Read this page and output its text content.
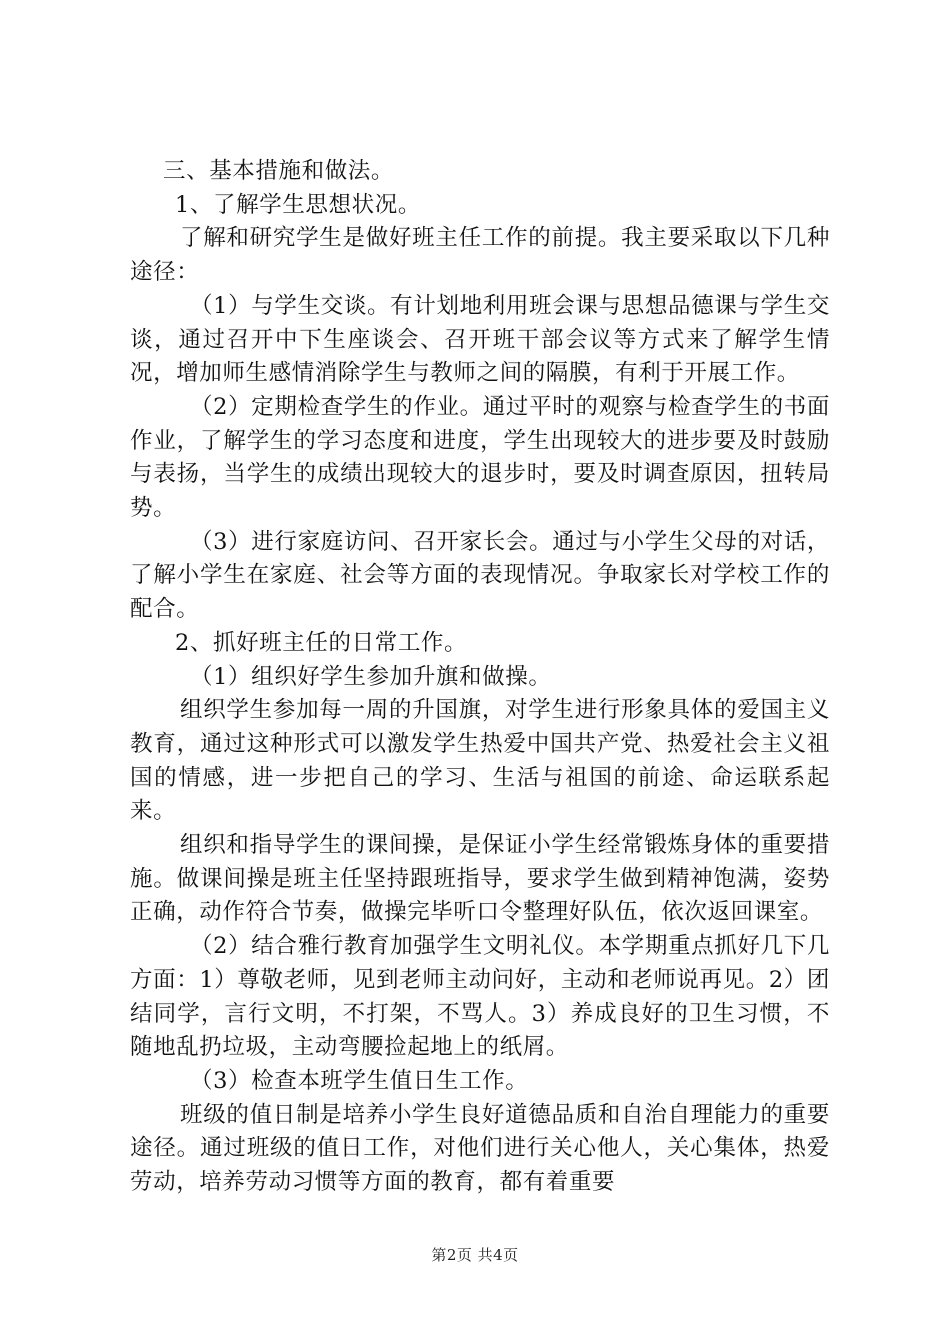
三、基本措施和做法。

1、了解学生思想状况。

了解和研究学生是做好班主任工作的前提。我主要采取以下几种途径：

（1）与学生交谈。有计划地利用班会课与思想品德课与学生交谈，通过召开中下生座谈会、召开班干部会议等方式来了解学生情况，增加师生感情消除学生与教师之间的隔膜，有利于开展工作。

（2）定期检查学生的作业。通过平时的观察与检查学生的书面作业，了解学生的学习态度和进度，学生出现较大的进步要及时鼓励与表扬，当学生的成绩出现较大的退步时，要及时调查原因，扭转局势。

（3）进行家庭访问、召开家长会。通过与小学生父母的对话，了解小学生在家庭、社会等方面的表现情况。争取家长对学校工作的配合。

2、抓好班主任的日常工作。

（1）组织好学生参加升旗和做操。

组织学生参加每一周的升国旗，对学生进行形象具体的爱国主义教育，通过这种形式可以激发学生热爱中国共产党、热爱社会主义祖国的情感，进一步把自己的学习、生活与祖国的前途、命运联系起来。

组织和指导学生的课间操，是保证小学生经常锻炼身体的重要措施。做课间操是班主任坚持跟班指导，要求学生做到精神饱满，姿势正确，动作符合节奏，做操完毕听口令整理好队伍，依次返回课室。

（2）结合雅行教育加强学生文明礼仪。本学期重点抓好几下几方面：1）尊敬老师，见到老师主动问好，主动和老师说再见。2）团结同学，言行文明，不打架，不骂人。3）养成良好的卫生习惯，不随地乱扔垃圾，主动弯腰捡起地上的纸屑。

（3）检查本班学生值日生工作。

班级的值日制是培养小学生良好道德品质和自治自理能力的重要途径。通过班级的值日工作，对他们进行关心他人，关心集体，热爱劳动，培养劳动习惯等方面的教育，都有着重要

第2页 共4页
